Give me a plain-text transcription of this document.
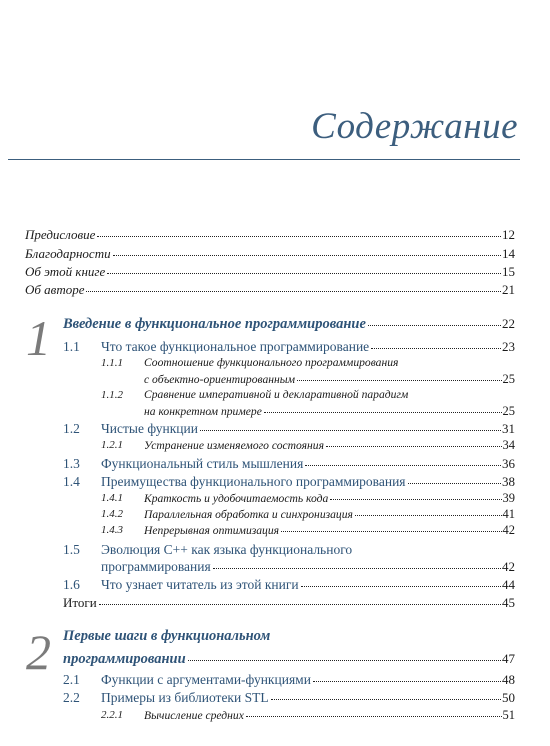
Содержание
Предисловие	12
Благодарности	14
Об этой книге	15
Об авторе	21
1 Введение в функциональное программирование	22
1.1 Что такое функциональное программирование	23
1.1.1 Соотношение функционального программирования
с объектно-ориентированным	25
1.1.2 Сравнение императивной и декларативной парадигм
на конкретном примере	25
1.2 Чистые функции	31
1.2.1 Устранение изменяемого состояния	34
1.3 Функциональный стиль мышления	36
1.4 Преимущества функционального программирования	38
1.4.1 Краткость и удобочитаемость кода	39
1.4.2 Параллельная обработка и синхронизация	41
1.4.3 Непрерывная оптимизация	42
1.5 Эволюция C++ как языка функционального
программирования	42
1.6 Что узнает читатель из этой книги	44
Итоги	45
2 Первые шаги в функциональном
программировании	47
2.1 Функции с аргументами-функциями	48
2.2 Примеры из библиотеки STL	50
2.2.1 Вычисление средних	51
